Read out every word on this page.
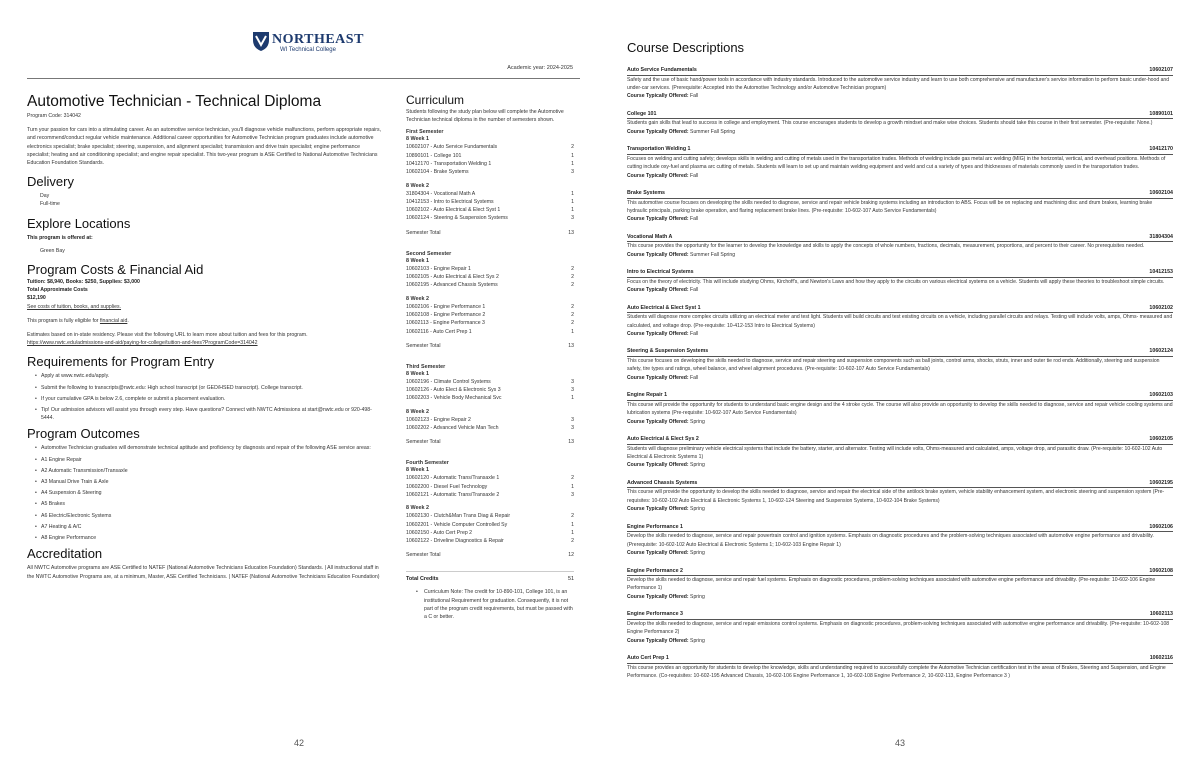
NORTHEAST
WI Technical College
Academic year: 2024-2025
Automotive Technician - Technical Diploma
Program Code: 314042
Turn your passion for cars into a stimulating career. As an automotive service technician, you'll diagnose vehicle malfunctions, perform appropriate repairs, and recommend/conduct regular vehicle maintenance. Additional career opportunities for Automotive Technician program graduates include automotive electronics specialist; brake specialist; steering, suspension, and alignment specialist; transmission and drive train specialist; engine performance specialist; heating and air conditioning specialist; and engine repair specialist. This two-year program is ASE Certified to National Automotive Technicians Education Foundation Standards.
Delivery
Day
Full-time
Explore Locations
This program is offered at:
Green Bay
Program Costs & Financial Aid
Tuition: $8,940, Books: $250, Supplies: $3,000
Total Approximate Costs
$12,190
See costs of tuition, books, and supplies.
This program is fully eligible for financial aid.
Estimates based on in-state residency. Please visit the following URL to learn more about tuition and fees for this program.
https://www.nwtc.edu/admissions-and-aid/paying-for-college/tuition-and-fees?ProgramCode=314042
Requirements for Program Entry
• Apply at www.nwtc.edu/apply.
• Submit the following to transcripts@nwtc.edu: High school transcript (or GED/HSED transcript). College transcript.
• If your cumulative GPA is below 2.6, complete or submit a placement evaluation.
• Tip! Our admission advisors will assist you through every step. Have questions? Connect with NWTC Admissions at start@nwtc.edu or 920-498-5444.
Program Outcomes
• Automotive Technician graduates will demonstrate technical aptitude and proficiency by diagnosis and repair of the following ASE service areas:
• A1 Engine Repair
• A2 Automatic Transmission/Transaxle
• A3 Manual Drive Train & Axle
• A4 Suspension & Steering
• A5 Brakes
• A6 Electric/Electronic Systems
• A7 Heating & A/C
• A8 Engine Performance
Accreditation
All NWTC Automotive programs are ASE Certified to NATEF (National Automotive Technicians Education Foundation) Standards. | All instructional staff in the NWTC Automotive Programs are, at a minimum, Master, ASE Certified Technicians. | NATEF (National Automotive Technicians Education Foundation)
Curriculum
Students following the study plan below will complete the Automotive Technician technical diploma in the number of semesters shown.
First Semester
8 Week 1
10602107 - Auto Service Fundamentals	2
10890101 - College 101	1
10412170 - Transportation Welding 1	1
10602104 - Brake Systems	3
8 Week 2
31804304 - Vocational Math A	1
10412153 - Intro to Electrical Systems	1
10602102 - Auto Electrical & Elect Syst 1	1
10602124 - Steering & Suspension Systems	3
Semester Total	13
Second Semester
8 Week 1
10602103 - Engine Repair 1	2
10602105 - Auto Electrical & Elect Sys 2	2
10602195 - Advanced Chassis Systems	2
8 Week 2
10602106 - Engine Performance 1	2
10602108 - Engine Performance 2	2
10602113 - Engine Performance 3	2
10602116 - Auto Cert Prep 1	1
Semester Total	13
Third Semester
8 Week 1
10602196 - Climate Control Systems	3
10602126 - Auto Elect & Electronic Sys 3	3
10602203 - Vehicle Body Mechanical Svc	1
8 Week 2
10602123 - Engine Repair 2	3
10602202 - Advanced Vehicle Man Tech	3
Semester Total	13
Fourth Semester
8 Week 1
10602120 - Automatic Trans/Transaxle 1	2
10602200 - Diesel Fuel Technology	1
10602121 - Automatic Trans/Transaxle 2	3
8 Week 2
10602130 - Clutch&Man Trans Diag & Repair	2
10602201 - Vehicle Computer Controlled Sy	1
10602150 - Auto Cert Prep 2	1
10602122 - Driveline Diagnostics & Repair	2
Semester Total	12
Total Credits	51
• Curriculum Note: The credit for 10-890-101, College 101, is an institutional Requirement for graduation. Consequently, it is not part of the program credit requirements, but must be passed with a C or better.
42
Course Descriptions
Auto Service Fundamentals	10602107
Safety and the use of basic hand/power tools in accordance with industry standards. Introduced to the automotive service industry and learn to use both comprehensive and manufacturer's service information to perform basic under-hood and under-car services. (Prerequisite: Accepted into the Automotive Technology and/or Automotive Technician program)
Course Typically Offered: Fall
College 101	10890101
Students gain skills that lead to success in college and employment. This course encourages students to develop a growth mindset and make wise choices. Students should take this course in their first semester. (Pre-requisite: None.)
Course Typically Offered: Summer Fall Spring
Transportation Welding 1	10412170
Focuses on welding and cutting safety; develops skills in welding and cutting of metals used in the transportation trades. Methods of welding include gas metal arc welding (MIG) in the horizontal, vertical, and overhead positions. Methods of cutting include oxy-fuel and plasma arc cutting of metals. Students will learn to set up and maintain welding equipment and weld and cut a variety of types and thicknesses of materials commonly used in the transportation trades.
Course Typically Offered: Fall
Brake Systems	10602104
This automotive course focuses on developing the skills needed to diagnose, service and repair vehicle braking systems including an introduction to ABS. Focus will be on replacing and machining disc and drum brakes, learning brake hydraulic principals, parking brake operation, and flaring replacement brake lines. (Pre-requisite: 10-602-107 Auto Service Fundamentals)
Course Typically Offered: Fall
Vocational Math A	31804304
This course provides the opportunity for the learner to develop the knowledge and skills to apply the concepts of whole numbers, fractions, decimals, measurement, proportions, and percent to their career. No prerequisites needed.
Course Typically Offered: Summer Fall Spring
Intro to Electrical Systems	10412153
Focus on the theory of electricity. This will include studying Ohms, Kirchoff's, and Newton's Laws and how they apply to the circuits on various electrical systems on a vehicle. Students will apply these theories to troubleshoot simple circuits.
Course Typically Offered: Fall
Auto Electrical & Elect Syst 1	10602102
Students will diagnose more complex circuits utilizing an electrical meter and test light. Students will build circuits and test existing circuits on a vehicle, including parallel circuits and relays. Testing will include volts, amps, Ohms- measured and calculated, and voltage drop. (Pre-requisite: 10-412-153 Intro to Electrical Systems)
Course Typically Offered: Fall
Steering & Suspension Systems	10602124
This course focuses on developing the skills needed to diagnose, service and repair steering and suspension components such as ball joints, control arms, shocks, struts, inner and outer tie rod ends. Additionally, steering and suspension safety, tire types and ratings, wheel balance, and wheel alignment procedures. (Pre-requisite: 10-602-107 Auto Service Fundamentals)
Course Typically Offered: Fall
Engine Repair 1	10602103
This course will provide the opportunity for students to understand basic engine design and the 4 stroke cycle. The course will also provide an opportunity to develop the skills needed to diagnose, service and repair vehicle cooling systems and lubrication systems (Pre-requisite: 10-602-107 Auto Service Fundamentals)
Course Typically Offered: Spring
Auto Electrical & Elect Sys 2	10602105
Students will diagnose preliminary vehicle electrical systems that include the battery, starter, and alternator. Testing will include volts, Ohms-measured and calculated, amps, voltage drop, and parasitic draw. (Pre-requisite: 10-602-102 Auto Electrical & Electronic Systems 1)
Course Typically Offered: Spring
Advanced Chassis Systems	10602195
This course will provide the opportunity to develop the skills needed to diagnose, service and repair the electrical side of the antilock brake system, vehicle stability enhancement system, and electronic steering and suspension system (Pre-requisites: 10-602-102 Auto Electrical & Electronic Systems 1, 10-602-124 Steering and Suspension Systems, 10-602-104 Brake Systems)
Course Typically Offered: Spring
Engine Performance 1	10602106
Develop the skills needed to diagnose, service and repair powertrain control and ignition systems. Emphasis on diagnostic procedures and the problem-solving techniques associated with automotive engine performance and drivability. (Prerequisite: 10-602-102 Auto Electrical & Electronic Systems 1; 10-602-103 Engine Repair 1)
Course Typically Offered: Spring
Engine Performance 2	10602108
Develop the skills needed to diagnose, service and repair fuel systems. Emphasis on diagnostic procedures, problem-solving techniques associated with automotive engine performance and drivability. (Pre-requisite: 10-602-106 Engine Performance 1)
Course Typically Offered: Spring
Engine Performance 3	10602113
Develop the skills needed to diagnose, service and repair emissions control systems. Emphasis on diagnostic procedures, problem-solving techniques associated with automotive engine performance and drivability. (Pre-requisite: 10-602-108 Engine Performance 2)
Course Typically Offered: Spring
Auto Cert Prep 1	10602116
This course provides an opportunity for students to develop the knowledge, skills and understanding required to successfully complete the Automotive Technician certification test in the areas of Brakes, Steering and Suspension, and Engine Performance. (Co-requisites: 10-602-195 Advanced Chassis, 10-602-106 Engine Performance 1, 10-602-108 Engine Performance 2, 10-602-113, Engine Performance 3 )
43
